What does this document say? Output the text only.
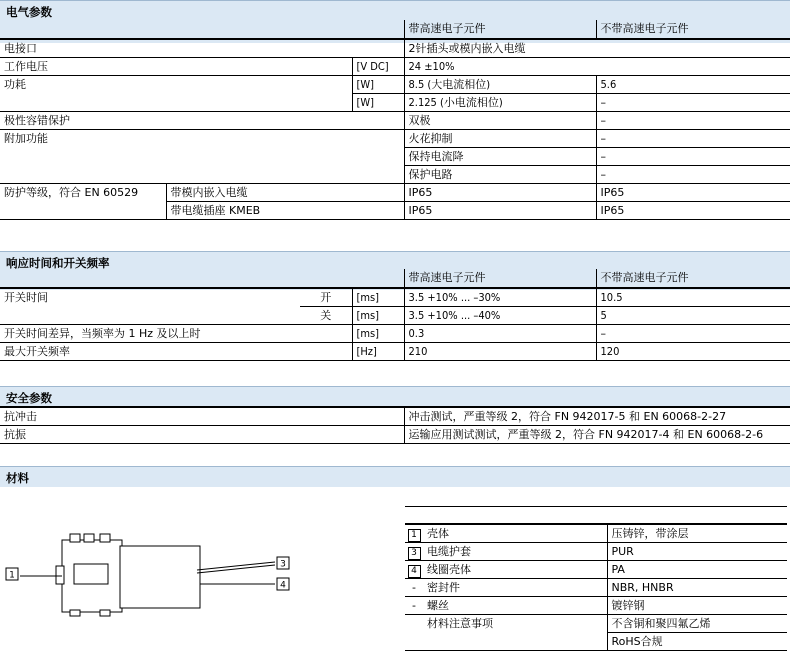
电气参数
			带高速电子元件	不带高速电子元件
电接口			2针插头或模内嵌入电缆	
工作电压		[V DC]	24 ±10%	
功耗		[W]	8.5 (大电流相位)	5.6
		[W]	2.125 (小电流相位)	–
极性容错保护			双极	–
附加功能			火花抑制	–
			保持电流降	–
			保护电路	–
防护等级，符合 EN 60529	带模内嵌入电缆		IP65	IP65
	带电缆插座 KMEB		IP65	IP65
响应时间和开关频率
			带高速电子元件	不带高速电子元件
开关时间	开	[ms]	3.5 +10% ... –30%	10.5
	关	[ms]	3.5 +10% ... –40%	5
开关时间差异，当频率为 1 Hz 及以上时		[ms]	0.3	–
最大开关频率		[Hz]	210	120
安全参数
抗冲击	冲击测试，严重等级 2，符合 FN 942017-5 和 EN 60068-2-27
抗振	运输应用测试测试，严重等级 2，符合 FN 942017-4 和 EN 60068-2-6
材料
1
3
4

1	壳体	压铸锌，带涂层
3	电缆护套	PUR
4	线圈壳体	PA
-	密封件	NBR, HNBR
-	螺丝	镀锌钢
	材料注意事项	不含铜和聚四氟乙烯
		RoHS合规
